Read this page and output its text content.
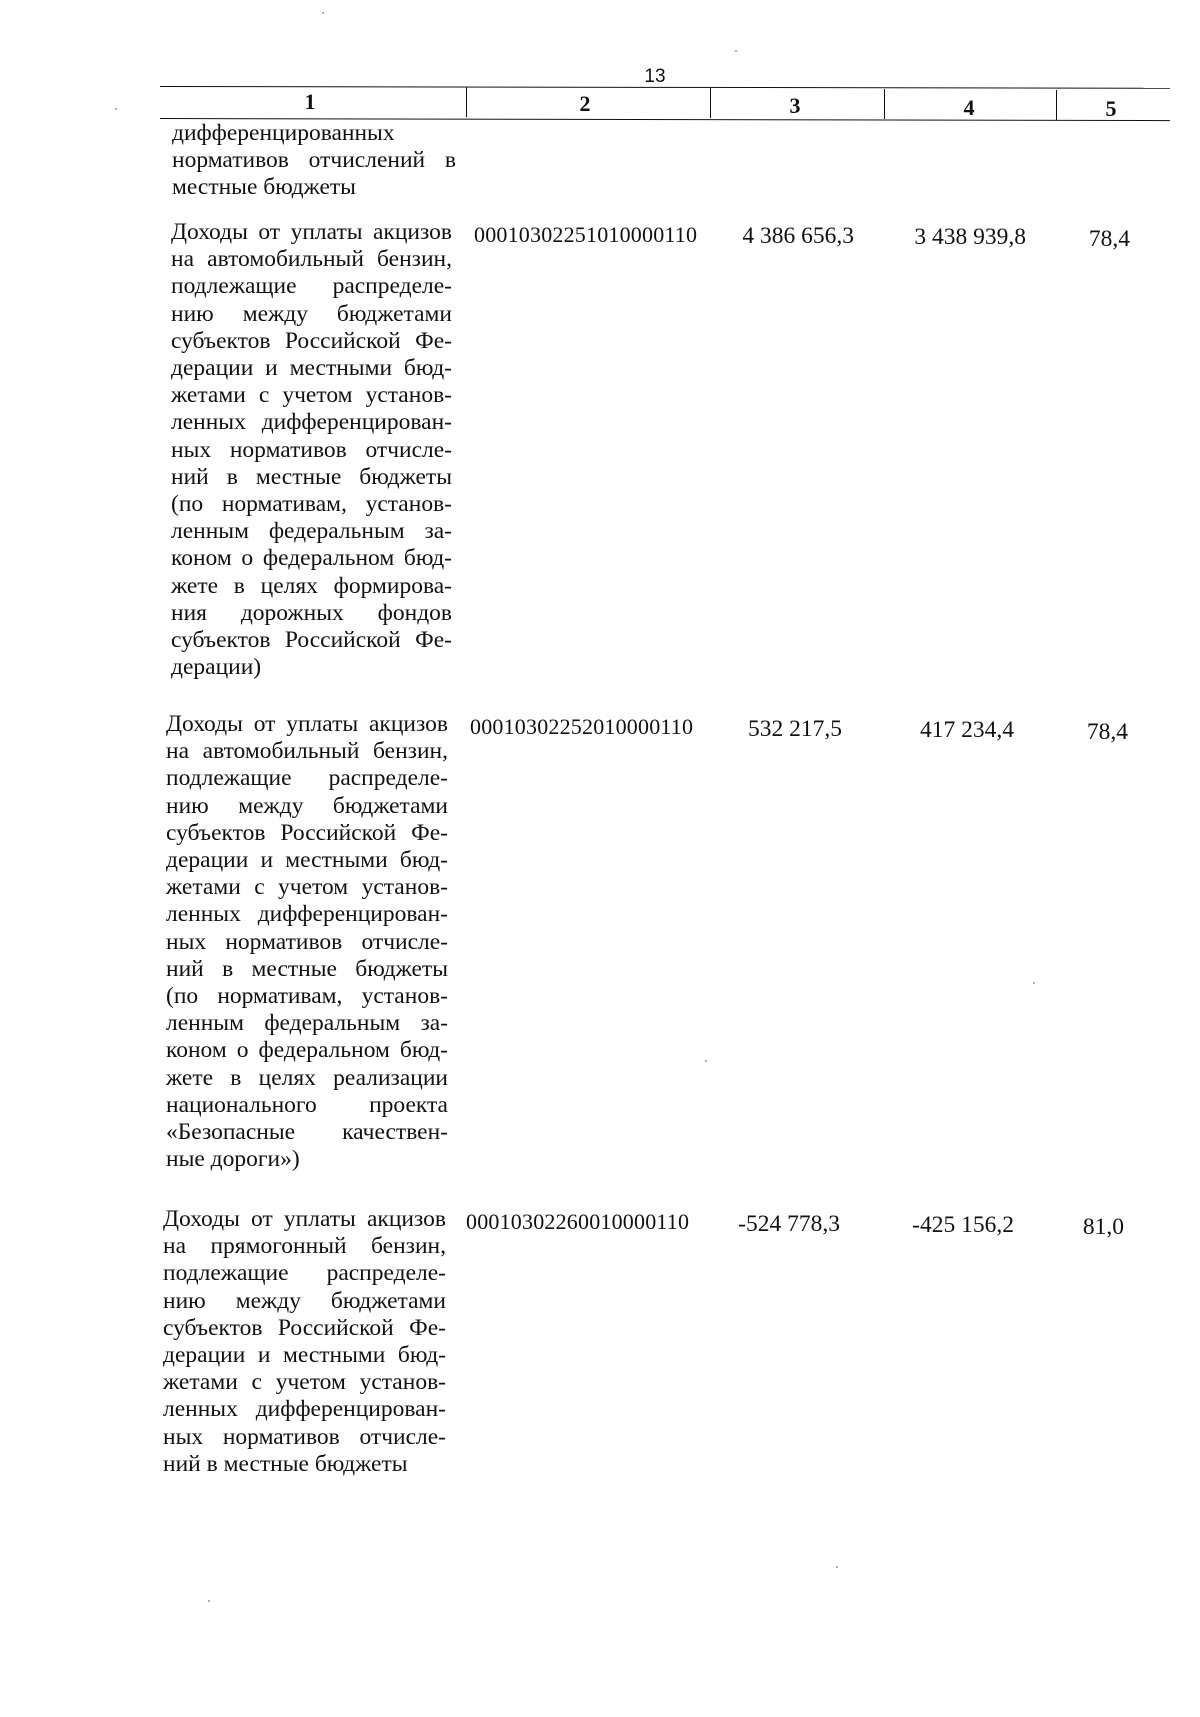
13
1	2	3	4	5
дифференцированных
нормативов отчислений в
местные бюджеты
Доходы от уплаты акцизов
на автомобильный бензин,
подлежащие распределе-
нию между бюджетами
субъектов Российской Фе-
дерации и местными бюд-
жетами с учетом установ-
ленных дифференцирован-
ных нормативов отчисле-
ний в местные бюджеты
(по нормативам, установ-
ленным федеральным за-
коном о федеральном бюд-
жете в целях формирова-
ния дорожных фондов
субъектов Российской Фе-
дерации)
00010302251010000110	4 386 656,3	3 438 939,8	78,4
Доходы от уплаты акцизов
на автомобильный бензин,
подлежащие распределе-
нию между бюджетами
субъектов Российской Фе-
дерации и местными бюд-
жетами с учетом установ-
ленных дифференцирован-
ных нормативов отчисле-
ний в местные бюджеты
(по нормативам, установ-
ленным федеральным за-
коном о федеральном бюд-
жете в целях реализации
национального проекта
«Безопасные качествен-
ные дороги»)
00010302252010000110	532 217,5	417 234,4	78,4
Доходы от уплаты акцизов
на прямогонный бензин,
подлежащие распределе-
нию между бюджетами
субъектов Российской Фе-
дерации и местными бюд-
жетами с учетом установ-
ленных дифференцирован-
ных нормативов отчисле-
ний в местные бюджеты
00010302260010000110	-524 778,3	-425 156,2	81,0
